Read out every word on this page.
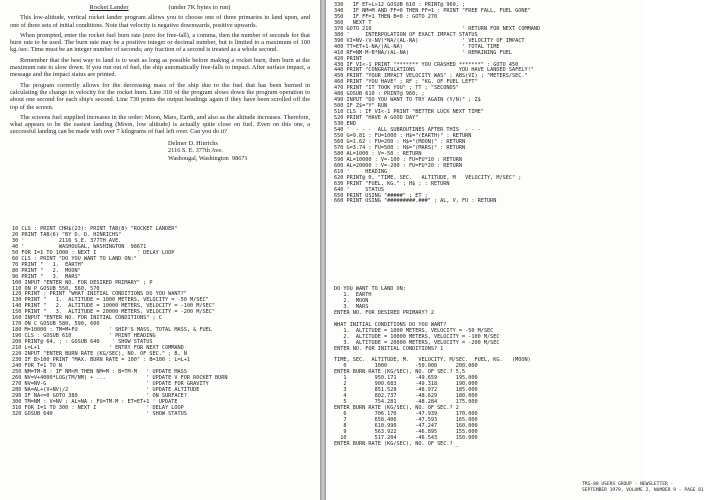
Rocket Lander	(under 7K bytes to run)

This low-altitude, vertical rocket lander program allows you to choose one of three primaries to land upon, and one of three sets of initial conditions. Note that velocity is negative downwards, positive upwards.

When prompted, enter the rocket fuel burn rate (zero for free-fall), a comma, then the number of seconds for that burn rate to be used. The burn rate may be a positive integer or decimal number, but is limited to a maximum of 100 kg./sec. Time must be an integer number of seconds; any fraction of a second is treated as a whole second.

Remember that the best way to land is to wait as long as possible before making a rocket burn, then burn at the maximum rate to slow down. If you run out of fuel, the ship automatically free-falls to impact. After surface impact, a message and the impact status are printed.

The program correctly allows for the decreasing mass of the ship due to the fuel that has been burned in calculating the change in velocity for the rocket burn. Line 310 of the program slows down the program operation to about one second for each ship's second. Line 730 prints the output headings again if they have been scrolled off the top of the screen.

The screens fuel supplied increases in the order: Moon, Mars, Earth, and also as the altitude increases. Therefore, what appears to be the easiest landing (Moon, low altitude) is actually quite close on fuel. Even on this one, a successful landing can be made with over 7 kilograms of fuel left over. Can you do it?

Delmer D. Hinrichs
2116 S. E. 377th Ave.
Washougal, Washington  98671
10 CLS : PRINT CHR$(23): PRINT TAB(8) "ROCKET LANDER"
20 PRINT TAB(6) "BY D. D. HINRICHS"
30 '           2116 S.E. 377TH AVE.
40 '           WASHOUGAL, WASHINGTON  98671
50 FOR I=1 TO 1000 : NEXT I             ' DELAY LOOP
60 CLS : PRINT "DO YOU WANT TO LAND ON:"
70 PRINT "   1.  EARTH"
80 PRINT "   2.  MOON"
90 PRINT "   3.  MARS"
100 INPUT "ENTER NO. FOR DESIRED PRIMARY" ; P
110 ON P GOSUB 550, 560, 570
120 PRINT : PRINT "WHAT INITIAL CONDITIONS DO YOU WANT?"
130 PRINT "   1.  ALTITUDE = 1000 METERS, VELOCITY = -50 M/SEC"
140 PRINT "   2.  ALTITUDE = 10000 METERS, VELOCITY = -100 M/SEC"
150 PRINT "   3.  ALTITUDE = 20000 METERS, VELOCITY = -200 M/SEC"
160 INPUT "ENTER NO. FOR INITIAL CONDITIONS" ; C
170 ON C GOSUB 580, 590, 600
180 M=10000 : TM=M+FU          ' SHIP'S MASS, TOTAL MASS, & FUEL
190 CLS : GOSUB 610            ' PRINT HEADING
200 PRINT@ 64, ; : GOSUB 640    ' SHOW STATUS
210 L=L+1                      ' ENTRY FOR NEXT COMMAND
220 INPUT "ENTER BURN RATE (KG/SEC), NO. OF SEC." ; B, N
230 IF B>100 PRINT "MAX. BURN RATE = 100" : B=100 : L=L+1
240 FOR T=1 TO N
250 NM=TM-B : IF NM<M THEN NM=M : B=TM-M   ' UPDATE MASS
260 NV=V+4000*LOG(TM/NM) + ...             ' UPDATE V FOR ROCKET BURN
270 NV=NV-G                                ' UPDATE FOR GRAVITY
280 NA=AL+(V+NV)/2                         ' UPDATE ALTITUDE
290 IF NA<=0 GOTO 380                      ' ON SURFACE?
300 TM=NM : V=NV : AL=NA : FU=TM-M : ET=ET+1 ' UPDATE
310 FOR I=1 TO 300 : NEXT I                ' DELAY LOOP
320 GOSUB 640                              ' SHOW STATUS
330   IF ET+L>12 GOSUB 610 : PRINT@ 960, ;
340   IF NM=M AND FF=0 THEN FF=1 : PRINT "FREE FALL, FUEL GONE"
350   IF FF=1 THEN B=0 : GOTO 270
360   NEXT T
370 GOTO 210                             ' RETURN FOR NEXT COMMAND
380 '     INTERPOLATION OF EXACT IMPACT STATUS
390 VI=NV-(V-NV)*NA/(AL-NA)              ' VELOCITY OF IMPACT
400 TT=ET+1-NA/(AL-NA)                   ' TOTAL TIME
410 RF=NM-M-B*NA/(AL-NA)                 ' REMAINING FUEL
420 PRINT
430 IF VI<-1 PRINT "******* YOU CRASHED *******" : GOTO 450
440 PRINT "CONGRATULATIONS              YOU HAVE LANDED SAFELY!"
450 PRINT "YOUR IMPACT VELOCITY WAS" ; ABS(VI) ; "METERS/SEC."
460 PRINT "YOU HAVE" ; RF ; "KG. OF FUEL LEFT"
470 PRINT "IT TOOK YOU" ; TT ; "SECONDS"
480 GOSUB 610 : PRINT@ 960, ;
490 INPUT "DO YOU WANT TO TRY AGAIN (Y/N)" ; Z$
500 IF Z$="Y" RUN
510 CLS : IF VI<-1 PRINT "BETTER LUCK NEXT TIME"
520 PRINT "HAVE A GOOD DAY"
530 END
540 '  - - -  ALL SUBROUTINES AFTER THIS  - - -
550 G=9.81 : FU=1000 : H$="(EARTH)" : RETURN
560 G=1.62 : FU=200 : H$="(MOON)" : RETURN
570 G=3.74 : FU=500 : H$="(MARS)" : RETURN
580 AL=1000 : V=-50 : RETURN
590 AL=10000 : V=-100 : FU=FU*10 : RETURN
600 AL=20000 : V=-200 : FU=FU*20 : RETURN
610 '     HEADING
620 PRINT@ 0, "TIME, SEC.   ALTITUDE, M   VELOCITY, M/SEC" ;
630 PRINT "FUEL, KG." ; H$ ; : RETURN
640 '     STATUS
650 PRINT USING "#####" ; ET ;
660 PRINT USING "#########.###" ; AL, V, FU : RETURN
DO YOU WANT TO LAND ON:
1.  EARTH
2.  MOON
3.  MARS
ENTER NO. FOR DESIRED PRIMARY? 2

WHAT INITIAL CONDITIONS DO YOU WANT?
1.  ALTITUDE = 1000 METERS, VELOCITY = -50 M/SEC
2.  ALTITUDE = 10000 METERS, VELOCITY = -100 M/SEC
3.  ALTITUDE = 20000 METERS, VELOCITY = -200 M/SEC
ENTER NO. FOR INITIAL CONDITIONS? 1

TIME, SEC.  ALTITUDE, M.   VELOCITY, M/SEC.  FUEL, KG.   (MOON)
0         1000         -50.000      200.000
ENTER BURN RATE (KG/SEC), NO. OF SEC.? 5,5
1         950.171      -49.659      195.000
2         900.683      -49.318      190.000
3         851.528      -48.972      185.000
4         802.737      -48.629      180.000
5         754.281      -48.284      175.000
ENTER BURN RATE (KG/SEC), NO. OF SEC.? 2
6         706.170      -47.939      170.000
7         658.406      -47.593      165.000
8         610.990      -47.247      160.000
9         563.922      -46.895      155.000
10         517.204      -46.543      150.000
ENTER BURN RATE (KG/SEC), NO. OF SEC.? _
TRS-80 USERS GROUP - NEWSLETTER -
SEPTEMBER 1979, VOLUME 2, NUMBER 9 - PAGE 81
